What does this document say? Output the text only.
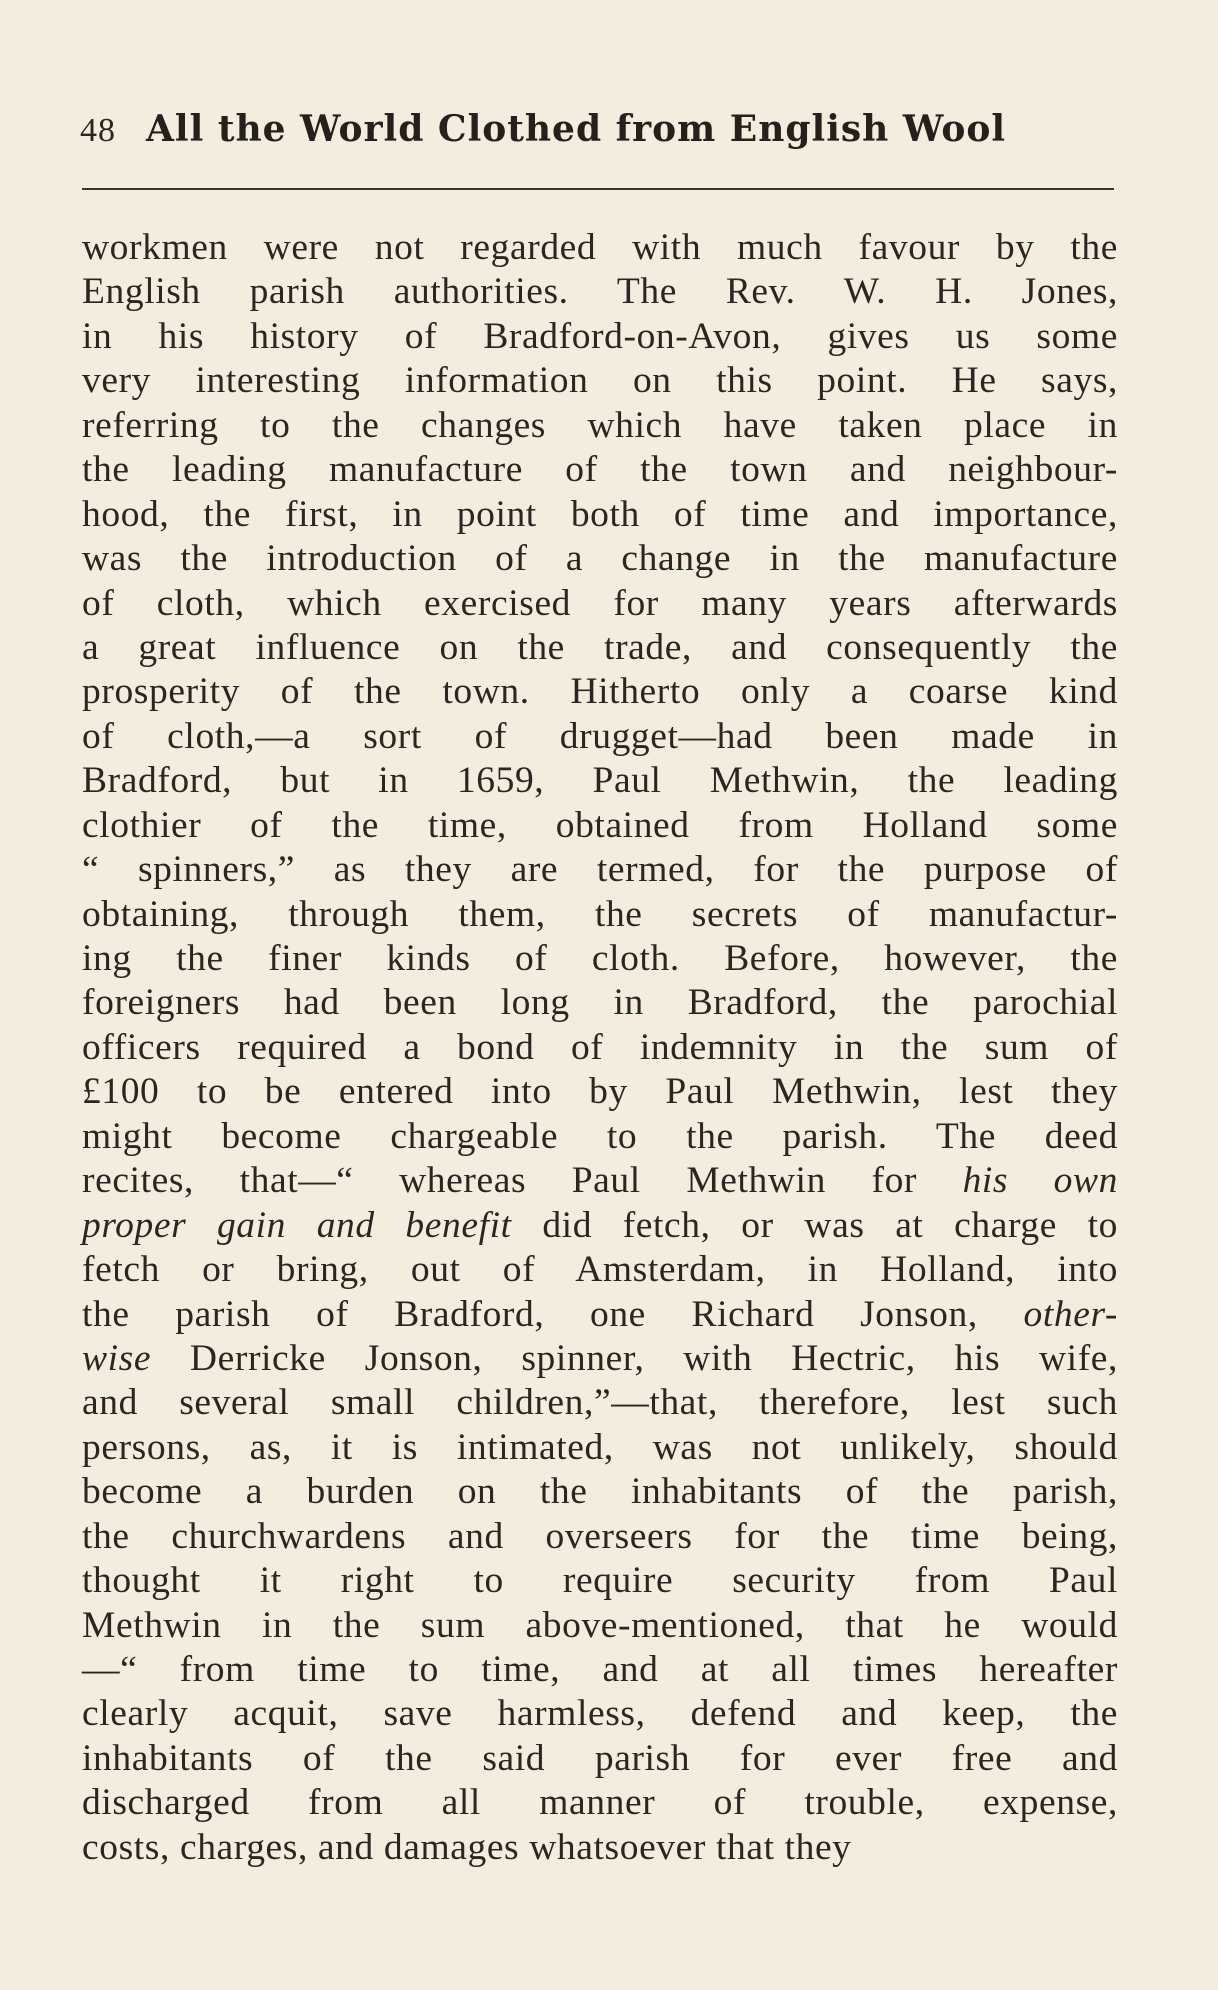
48 All the World Clothed from English Wool
workmen were not regarded with much favour by the
English parish authorities. The Rev. W. H. Jones,
in his history of Bradford-on-Avon, gives us some
very interesting information on this point. He says,
referring to the changes which have taken place in
the leading manufacture of the town and neighbour-
hood, the first, in point both of time and importance,
was the introduction of a change in the manufacture
of cloth, which exercised for many years afterwards
a great influence on the trade, and consequently the
prosperity of the town. Hitherto only a coarse kind
of cloth,—a sort of drugget—had been made in
Bradford, but in 1659, Paul Methwin, the leading
clothier of the time, obtained from Holland some
“ spinners,” as they are termed, for the purpose of
obtaining, through them, the secrets of manufactur-
ing the finer kinds of cloth. Before, however, the
foreigners had been long in Bradford, the parochial
officers required a bond of indemnity in the sum of
£100 to be entered into by Paul Methwin, lest they
might become chargeable to the parish. The deed
recites, that—“ whereas Paul Methwin for his own
proper gain and benefit did fetch, or was at charge to
fetch or bring, out of Amsterdam, in Holland, into
the parish of Bradford, one Richard Jonson, other-
wise Derricke Jonson, spinner, with Hectric, his wife,
and several small children,”—that, therefore, lest such
persons, as, it is intimated, was not unlikely, should
become a burden on the inhabitants of the parish,
the churchwardens and overseers for the time being,
thought it right to require security from Paul
Methwin in the sum above-mentioned, that he would
—“ from time to time, and at all times hereafter
clearly acquit, save harmless, defend and keep, the
inhabitants of the said parish for ever free and
discharged from all manner of trouble, expense,
costs, charges, and damages whatsoever that they
